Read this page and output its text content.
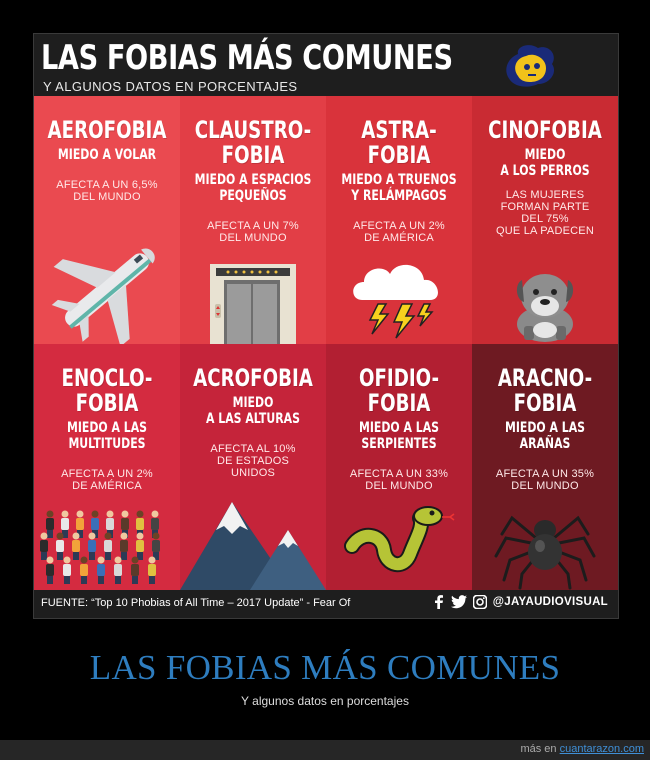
LAS FOBIAS MÁS COMUNES
Y ALGUNOS DATOS EN PORCENTAJES
AEROFOBIA
MIEDO A VOLAR
AFECTA A UN 6,5%
DEL MUNDO
CLAUSTRO-
FOBIA
MIEDO A ESPACIOS
PEQUEÑOS
AFECTA A UN 7%
DEL MUNDO
ASTRA-
FOBIA
MIEDO A TRUENOS
Y RELÁMPAGOS
AFECTA A UN 2%
DE AMÉRICA
CINOFOBIA
MIEDO
A LOS PERROS
LAS MUJERES
FORMAN PARTE
DEL 75%
QUE LA PADECEN
ENOCLO-
FOBIA
MIEDO A LAS
MULTITUDES
AFECTA A UN 2%
DE AMÉRICA
ACROFOBIA
MIEDO
A LAS ALTURAS
AFECTA AL 10%
DE ESTADOS
UNIDOS
OFIDIO-
FOBIA
MIEDO A LAS
SERPIENTES
AFECTA A UN 33%
DEL MUNDO
ARACNO-
FOBIA
MIEDO A LAS
ARAÑAS
AFECTA A UN 35%
DEL MUNDO
FUENTE: “Top 10 Phobias of All Time – 2017 Update” - Fear Of	@JAYAUDIOVISUAL
LAS FOBIAS MÁS COMUNES
Y algunos datos en porcentajes
más en cuantarazon.com
